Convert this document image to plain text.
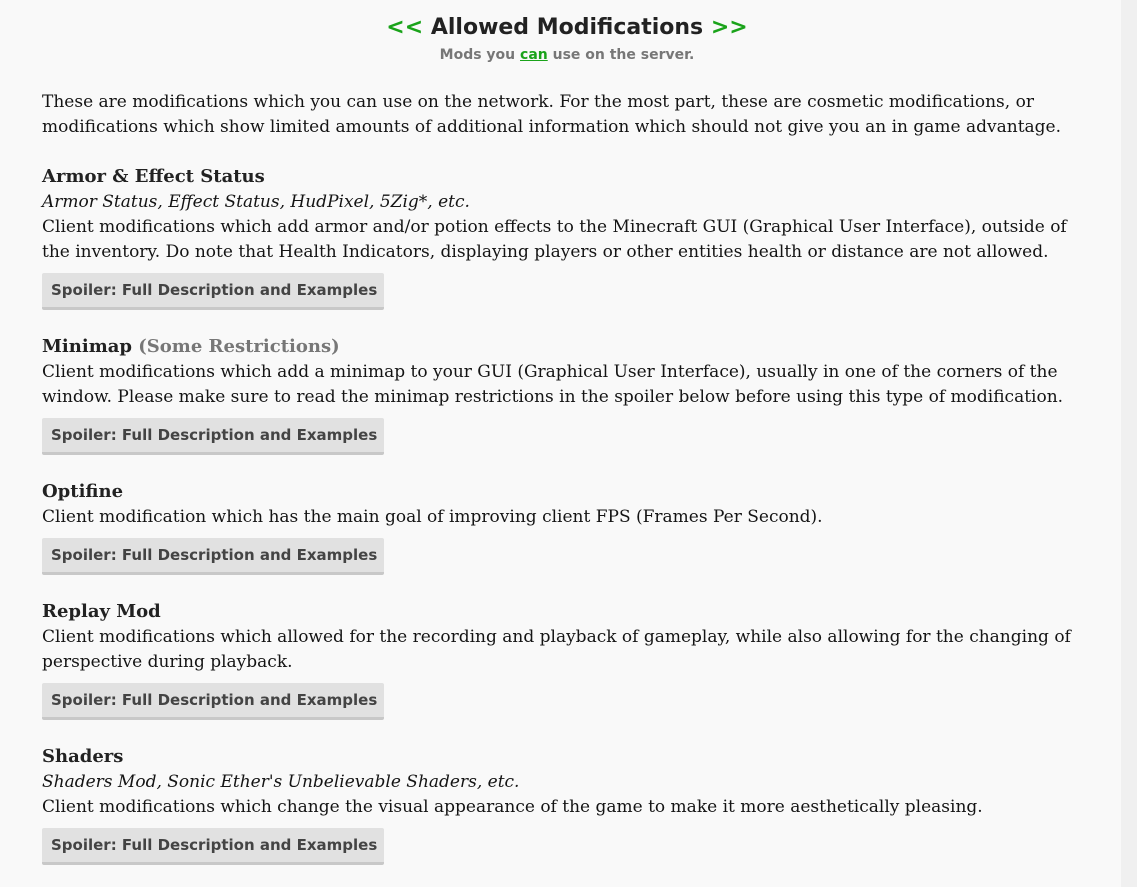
<< Allowed Modifications >>
Mods you can use on the server.
These are modifications which you can use on the network. For the most part, these are cosmetic modifications, or modifications which show limited amounts of additional information which should not give you an in game advantage.
Armor & Effect Status
Armor Status, Effect Status, HudPixel, 5Zig*, etc.
Client modifications which add armor and/or potion effects to the Minecraft GUI (Graphical User Interface), outside of the inventory. Do note that Health Indicators, displaying players or other entities health or distance are not allowed.
Spoiler: Full Description and Examples
Minimap (Some Restrictions)
Client modifications which add a minimap to your GUI (Graphical User Interface), usually in one of the corners of the window. Please make sure to read the minimap restrictions in the spoiler below before using this type of modification.
Spoiler: Full Description and Examples
Optifine
Client modification which has the main goal of improving client FPS (Frames Per Second).
Spoiler: Full Description and Examples
Replay Mod
Client modifications which allowed for the recording and playback of gameplay, while also allowing for the changing of perspective during playback.
Spoiler: Full Description and Examples
Shaders
Shaders Mod, Sonic Ether's Unbelievable Shaders, etc.
Client modifications which change the visual appearance of the game to make it more aesthetically pleasing.
Spoiler: Full Description and Examples
